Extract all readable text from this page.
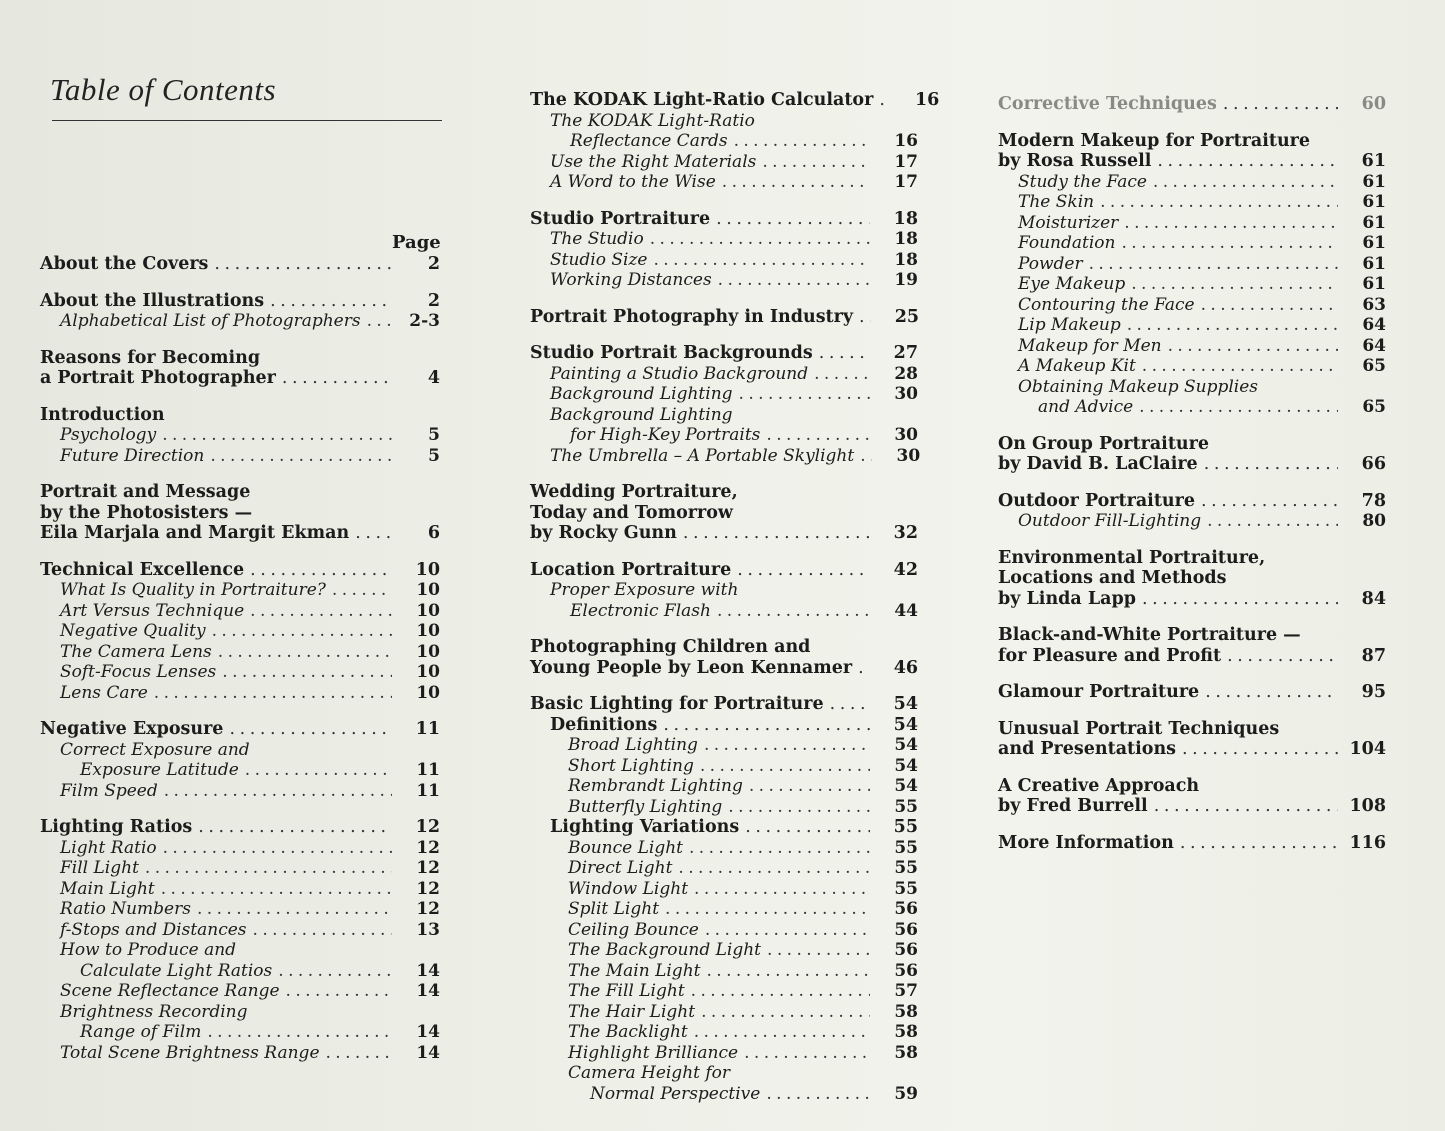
Table of Contents
Page
About the Covers . . .	2
About the Illustrations . . .	2
Alphabetical List of Photographers . . .	2-3
Reasons for Becoming
a Portrait Photographer . . .	4
Introduction
Psychology . . .	5
Future Direction . . .	5
Portrait and Message
by the Photosisters —
Eila Marjala and Margit Ekman . . .	6
Technical Excellence . . .	10
What Is Quality in Portraiture? . . .	10
Art Versus Technique . . .	10
Negative Quality . . .	10
The Camera Lens . . .	10
Soft-Focus Lenses . . .	10
Lens Care . . .	10
Negative Exposure . . .	11
Correct Exposure and
Exposure Latitude . . .	11
Film Speed . . .	11
Lighting Ratios . . .	12
Light Ratio . . .	12
Fill Light . . .	12
Main Light . . .	12
Ratio Numbers . . .	12
f-Stops and Distances . . .	13
How to Produce and
Calculate Light Ratios . . .	14
Scene Reflectance Range . . .	14
Brightness Recording
Range of Film . . .	14
Total Scene Brightness Range . . .	14
The KODAK Light-Ratio Calculator . . .	16
The KODAK Light-Ratio
Reflectance Cards . . .	16
Use the Right Materials . . .	17
A Word to the Wise . . .	17
Studio Portraiture . . .	18
The Studio . . .	18
Studio Size . . .	18
Working Distances . . .	19
Portrait Photography in Industry . . .	25
Studio Portrait Backgrounds . . .	27
Painting a Studio Background . . .	28
Background Lighting . . .	30
Background Lighting
for High-Key Portraits . . .	30
The Umbrella – A Portable Skylight . . .	30
Wedding Portraiture,
Today and Tomorrow
by Rocky Gunn . . .	32
Location Portraiture . . .	42
Proper Exposure with
Electronic Flash . . .	44
Photographing Children and
Young People by Leon Kennamer . . .	46
Basic Lighting for Portraiture . . .	54
Definitions . . .	54
Broad Lighting . . .	54
Short Lighting . . .	54
Rembrandt Lighting . . .	54
Butterfly Lighting . . .	55
Lighting Variations . . .	55
Bounce Light . . .	55
Direct Light . . .	55
Window Light . . .	55
Split Light . . .	56
Ceiling Bounce . . .	56
The Background Light . . .	56
The Main Light . . .	56
The Fill Light . . .	57
The Hair Light . . .	58
The Backlight . . .	58
Highlight Brilliance . . .	58
Camera Height for
Normal Perspective . . .	59
Corrective Techniques . . .	60
Modern Makeup for Portraiture
by Rosa Russell . . .	61
Study the Face . . .	61
The Skin . . .	61
Moisturizer . . .	61
Foundation . . .	61
Powder . . .	61
Eye Makeup . . .	61
Contouring the Face . . .	63
Lip Makeup . . .	64
Makeup for Men . . .	64
A Makeup Kit . . .	65
Obtaining Makeup Supplies
and Advice . . .	65
On Group Portraiture
by David B. LaClaire . . .	66
Outdoor Portraiture . . .	78
Outdoor Fill-Lighting . . .	80
Environmental Portraiture,
Locations and Methods
by Linda Lapp . . .	84
Black-and-White Portraiture —
for Pleasure and Profit . . .	87
Glamour Portraiture . . .	95
Unusual Portrait Techniques
and Presentations . . .	104
A Creative Approach
by Fred Burrell . . .	108
More Information . . .	116
